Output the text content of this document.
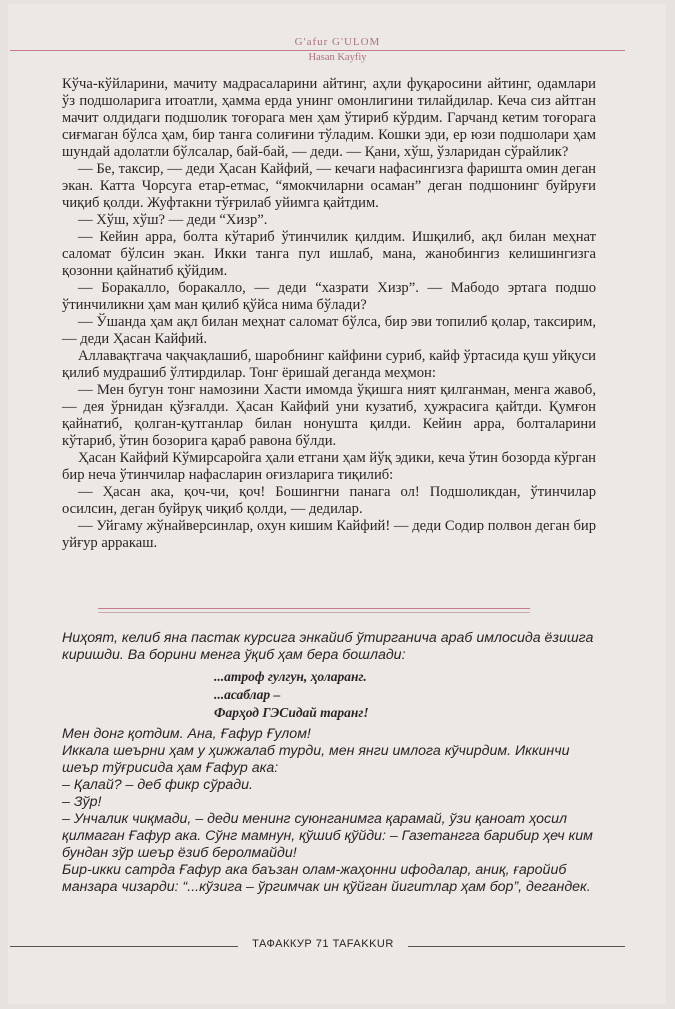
G'afur G'ULOM
Hasan Kayfiy

Кўча-кўйларини, мачиту мадрасаларини айтинг, аҳли фуқаросини айтинг, одамлари ўз подшоларига итоатли, ҳамма ерда унинг омонлигини тилайдилар. Кеча сиз айтган мачит олдидаги подшолик тоғорага мен ҳам ўтириб кўрдим. Гарчанд кетим тоғорага сиғмаган бўлса ҳам, бир танга солиғини тўладим. Кошки эди, ер юзи подшолари ҳам шундай адолатли бўлсалар, бай-бай, — деди. — Қани, хўш, ўзларидан сўрайлик?

— Бе, таксир, — деди Ҳасан Кайфий, — кечаги нафасингизга фаришта омин деган экан. Катта Чорсуга етар-етмас, “ямокчиларни осаман” деган подшонинг буйруғи чиқиб қолди. Жуфтакни тўғрилаб уйимга қайтдим.

— Хўш, хўш? — деди “Хизр”.

— Кейин арра, болта кўтариб ўтинчилик қилдим. Ишқилиб, ақл билан меҳнат саломат бўлсин экан. Икки танга пул ишлаб, мана, жанобингиз келишингизга қозонни қайнатиб қўйдим.

— Боракалло, боракалло, — деди “хазрати Хизр”. — Мабодо эртага подшо ўтинчиликни ҳам ман қилиб қўйса нима бўлади?

— Ўшанда ҳам ақл билан меҳнат саломат бўлса, бир эви топилиб қолар, таксирим, — деди Ҳасан Кайфий.

Аллавақтгача чақчақлашиб, шаробнинг кайфини суриб, кайф ўртасида қуш уйқуси қилиб мудрашиб ўлтирдилар. Тонг ёришай деганда меҳмон:

— Мен бугун тонг намозини Хасти имомда ўқишга ният қилганман, менга жавоб, — дея ўрнидан қўзғалди. Ҳасан Кайфий уни кузатиб, ҳужрасига қайтди. Қумғон қайнатиб, қолган-қутганлар билан нонушта қилди. Кейин арра, болталарини кўтариб, ўтин бозорига қараб равона бўлди.

Ҳасан Кайфий Кўмирсаройга ҳали етгани ҳам йўқ эдики, кеча ўтин бозорда кўрган бир неча ўтинчилар нафасларин оғизларига тиқилиб:

— Ҳасан ака, қоч-чи, қоч! Бошингни панага ол! Подшоликдан, ўтинчилар осилсин, деган буйруқ чиқиб қолди, — дедилар.

— Уйгаму жўнайверсинлар, охун кишим Кайфий! — деди Содир полвон деган бир уйғур арракаш.

Ниҳоят, келиб яна пастак курсига энкайиб ўтирганича араб имлосида ёзишга киришди. Ва борини менга ўқиб ҳам бера бошлади:

...атроф гулгун, ҳоларанг.
...асаблар –
Фарҳод ГЭСидай таранг!

Мен донг қотдим. Ана, Ғафур Ғулом!

Иккала шеърни ҳам у ҳижжалаб турди, мен янги имлога кўчирдим. Иккинчи шеър тўғрисида ҳам Ғафур ака:

– Қалай? – деб фикр сўради.

– Зўр!

– Унчалик чиқмади, – деди менинг суюнганимга қарамай, ўзи қаноат ҳосил қилмаган Ғафур ака. Сўнг мамнун, қўшиб қўйди: – Газетангга барибир ҳеч ким бундан зўр шеър ёзиб беролмайди!

Бир-икки сатрда Ғафур ака баъзан олам-жаҳонни ифодалар, аниқ, ғаройиб манзара чизарди: “...кўзига – ўргимчак ин қўйган йигитлар ҳам бор”, дегандек.

ТАФАККУР 71 TAFAKKUR
